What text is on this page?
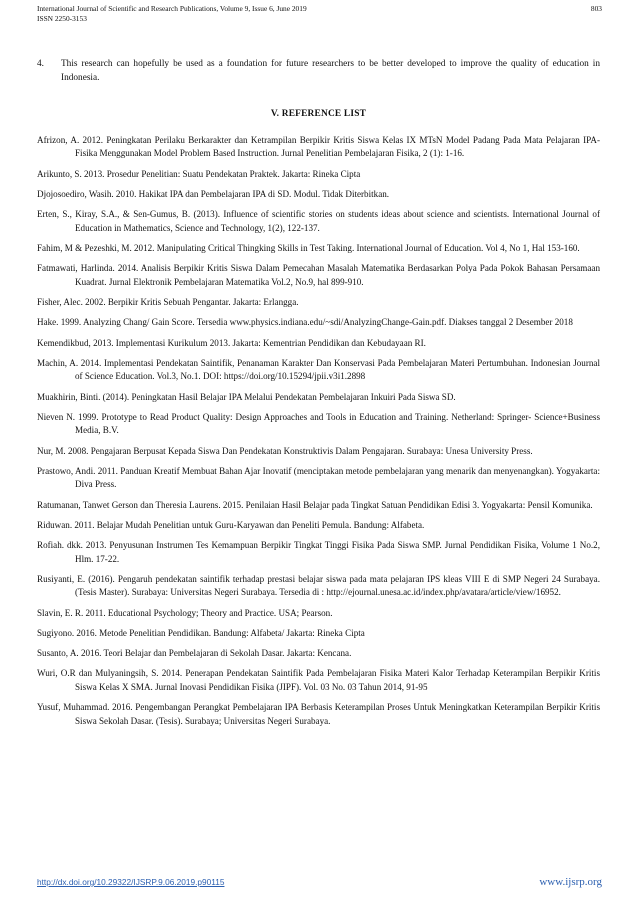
International Journal of Scientific and Research Publications, Volume 9, Issue 6, June 2019	803
ISSN 2250-3153
4. This research can hopefully be used as a foundation for future researchers to be better developed to improve the quality of education in Indonesia.
V. REFERENCE LIST
Afrizon, A. 2012. Peningkatan Perilaku Berkarakter dan Ketrampilan Berpikir Kritis Siswa Kelas IX MTsN Model Padang Pada Mata Pelajaran IPA-Fisika Menggunakan Model Problem Based Instruction. Jurnal Penelitian Pembelajaran Fisika, 2 (1): 1-16.
Arikunto, S. 2013. Prosedur Penelitian: Suatu Pendekatan Praktek. Jakarta: Rineka Cipta
Djojosoediro, Wasih. 2010. Hakikat IPA dan Pembelajaran IPA di SD. Modul. Tidak Diterbitkan.
Erten, S., Kiray, S.A., & Sen-Gumus, B. (2013). Influence of scientific stories on students ideas about science and scientists. International Journal of Education in Mathematics, Science and Technology, 1(2), 122-137.
Fahim, M & Pezeshki, M. 2012. Manipulating Critical Thingking Skills in Test Taking. International Journal of Education. Vol 4, No 1, Hal 153-160.
Fatmawati, Harlinda. 2014. Analisis Berpikir Kritis Siswa Dalam Pemecahan Masalah Matematika Berdasarkan Polya Pada Pokok Bahasan Persamaan Kuadrat. Jurnal Elektronik Pembelajaran Matematika Vol.2, No.9, hal 899-910.
Fisher, Alec. 2002. Berpikir Kritis Sebuah Pengantar. Jakarta: Erlangga.
Hake. 1999. Analyzing Chang/ Gain Score. Tersedia www.physics.indiana.edu/~sdi/AnalyzingChange-Gain.pdf. Diakses tanggal 2 Desember 2018
Kemendikbud, 2013. Implementasi Kurikulum 2013. Jakarta: Kementrian Pendidikan dan Kebudayaan RI.
Machin, A. 2014. Implementasi Pendekatan Saintifik, Penanaman Karakter Dan Konservasi Pada Pembelajaran Materi Pertumbuhan. Indonesian Journal of Science Education. Vol.3, No.1. DOI: https://doi.org/10.15294/jpii.v3i1.2898
Muakhirin, Binti. (2014). Peningkatan Hasil Belajar IPA Melalui Pendekatan Pembelajaran Inkuiri Pada Siswa SD.
Nieven N. 1999. Prototype to Read Product Quality: Design Approaches and Tools in Education and Training. Netherland: Springer- Science+Business Media, B.V.
Nur, M. 2008. Pengajaran Berpusat Kepada Siswa Dan Pendekatan Konstruktivis Dalam Pengajaran. Surabaya: Unesa University Press.
Prastowo, Andi. 2011. Panduan Kreatif Membuat Bahan Ajar Inovatif (menciptakan metode pembelajaran yang menarik dan menyenangkan). Yogyakarta: Diva Press.
Ratumanan, Tanwet Gerson dan Theresia Laurens. 2015. Penilaian Hasil Belajar pada Tingkat Satuan Pendidikan Edisi 3. Yogyakarta: Pensil Komunika.
Riduwan. 2011. Belajar Mudah Penelitian untuk Guru-Karyawan dan Peneliti Pemula. Bandung: Alfabeta.
Rofiah. dkk. 2013. Penyusunan Instrumen Tes Kemampuan Berpikir Tingkat Tinggi Fisika Pada Siswa SMP. Jurnal Pendidikan Fisika, Volume 1 No.2, Hlm. 17-22.
Rusiyanti, E. (2016). Pengaruh pendekatan saintifik terhadap prestasi belajar siswa pada mata pelajaran IPS kleas VIII E di SMP Negeri 24 Surabaya. (Tesis Master). Surabaya: Universitas Negeri Surabaya. Tersedia di : http://ejournal.unesa.ac.id/index.php/avatara/article/view/16952.
Slavin, E. R. 2011. Educational Psychology; Theory and Practice. USA; Pearson.
Sugiyono. 2016. Metode Penelitian Pendidikan. Bandung: Alfabeta/ Jakarta: Rineka Cipta
Susanto, A. 2016. Teori Belajar dan Pembelajaran di Sekolah Dasar. Jakarta: Kencana.
Wuri, O.R dan Mulyaningsih, S. 2014. Penerapan Pendekatan Saintifik Pada Pembelajaran Fisika Materi Kalor Terhadap Keterampilan Berpikir Kritis Siswa Kelas X SMA. Jurnal Inovasi Pendidikan Fisika (JIPF). Vol. 03 No. 03 Tahun 2014, 91-95
Yusuf, Muhammad. 2016. Pengembangan Perangkat Pembelajaran IPA Berbasis Keterampilan Proses Untuk Meningkatkan Keterampilan Berpikir Kritis Siswa Sekolah Dasar. (Tesis). Surabaya; Universitas Negeri Surabaya.
http://dx.doi.org/10.29322/IJSRP.9.06.2019.p90115	www.ijsrp.org
